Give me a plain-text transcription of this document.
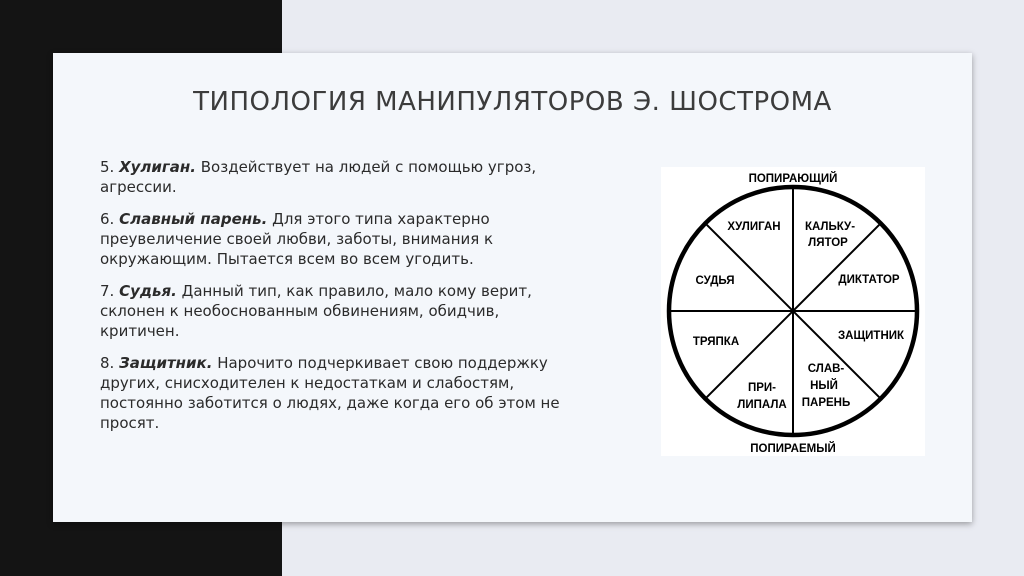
ТИПОЛОГИЯ МАНИПУЛЯТОРОВ Э. ШОСТРОМА

5. Хулиган. Воздействует на людей с помощью угроз, агрессии.

6. Славный парень. Для этого типа характерно преувеличение своей любви, заботы, внимания к окружающим. Пытается всем во всем угодить.

7. Судья. Данный тип, как правило, мало кому верит, склонен к необоснованным обвинениям, обидчив, критичен.

8. Защитник. Нарочито подчеркивает свою поддержку других, снисходителен к недостаткам и слабостям, постоянно заботится о людях, даже когда его об этом не просят.

ПОПИРАЮЩИЙ
ПОПИРАЕМЫЙ
ХУЛИГАН КАЛЬКУ-
ЛЯТОР
СУДЬЯ	ДИКТАТОР
ТРЯПКА	ЗАЩИТНИК
ПРИ-
ЛИПАЛА
СЛАВ-
НЫЙ
ПАРЕНЬ
